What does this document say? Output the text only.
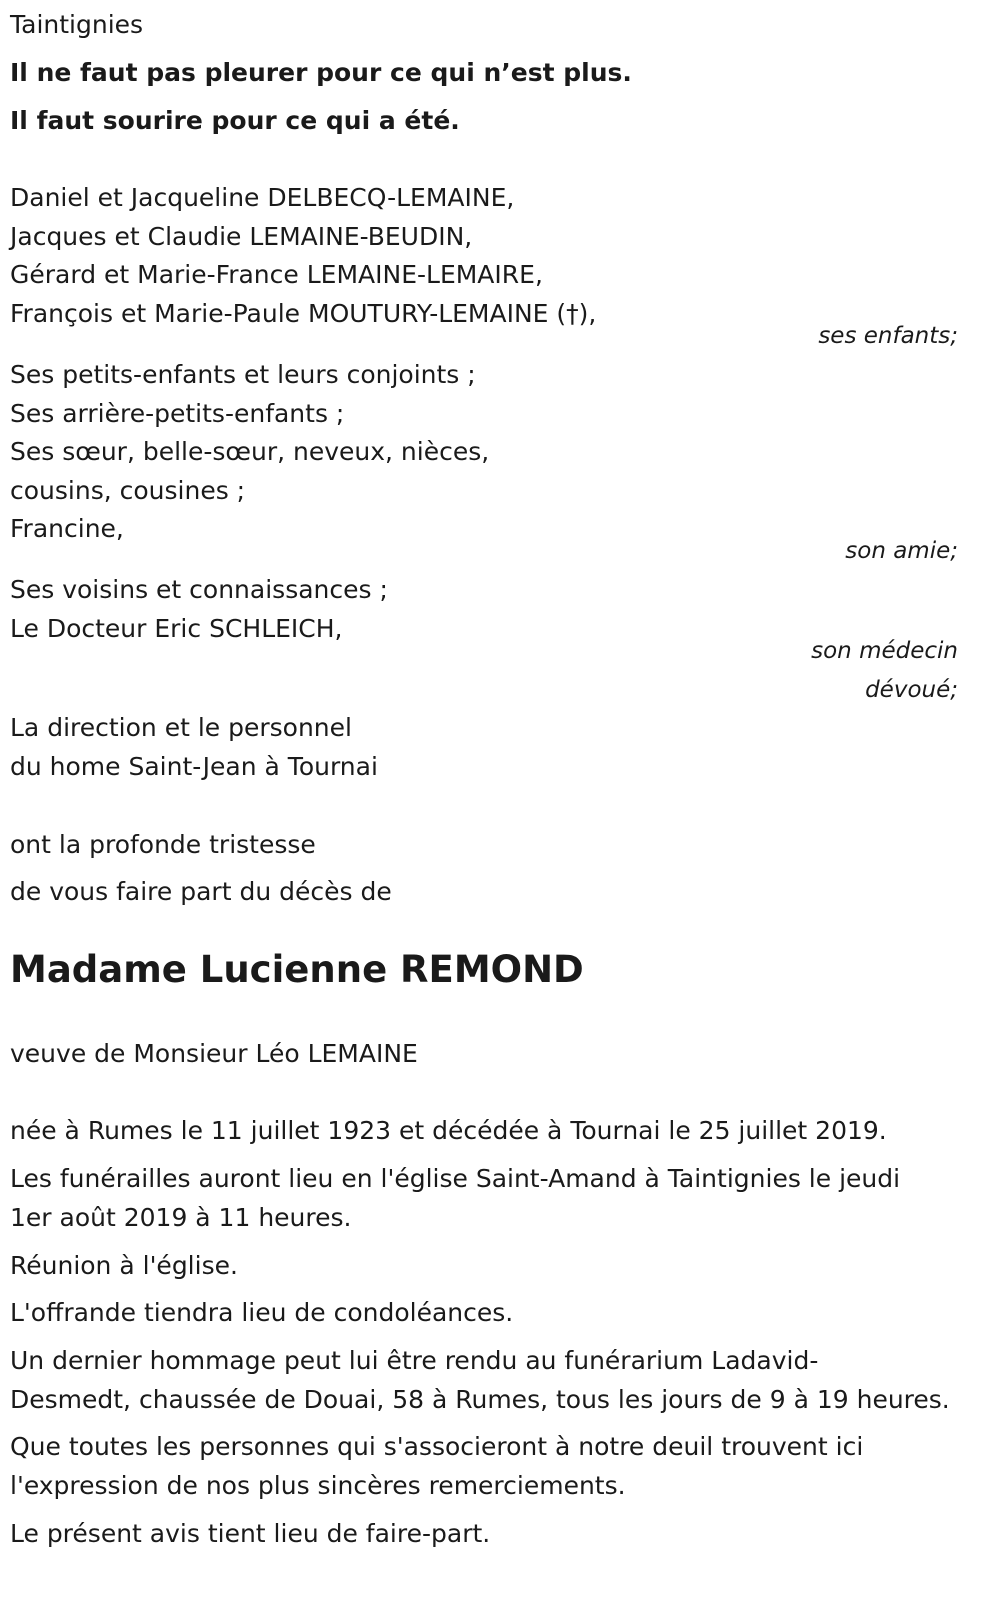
Taintignies
Il ne faut pas pleurer pour ce qui n’est plus.
Il faut sourire pour ce qui a été.
Daniel et Jacqueline DELBECQ-LEMAINE,
Jacques et Claudie LEMAINE-BEUDIN,
Gérard et Marie-France LEMAINE-LEMAIRE,
François et Marie-Paule MOUTURY-LEMAINE (†),
ses enfants;
Ses petits-enfants et leurs conjoints ;
Ses arrière-petits-enfants ;
Ses sœur, belle-sœur, neveux, nièces,
cousins, cousines ;
Francine,
son amie;
Ses voisins et connaissances ;
Le Docteur Eric SCHLEICH,
son médecin
dévoué;
La direction et le personnel
du home Saint-Jean à Tournai
ont la profonde tristesse
de vous faire part du décès de
Madame Lucienne REMOND
veuve de Monsieur Léo LEMAINE
née à Rumes le 11 juillet 1923 et décédée à Tournai le 25 juillet 2019.
Les funérailles auront lieu en l'église Saint-Amand à Taintignies le jeudi
1er août 2019 à 11 heures.
Réunion à l'église.
L'offrande tiendra lieu de condoléances.
Un dernier hommage peut lui être rendu au funérarium Ladavid-
Desmedt, chaussée de Douai, 58 à Rumes, tous les jours de 9 à 19 heures.
Que toutes les personnes qui s'associeront à notre deuil trouvent ici
l'expression de nos plus sincères remerciements.
Le présent avis tient lieu de faire-part.
